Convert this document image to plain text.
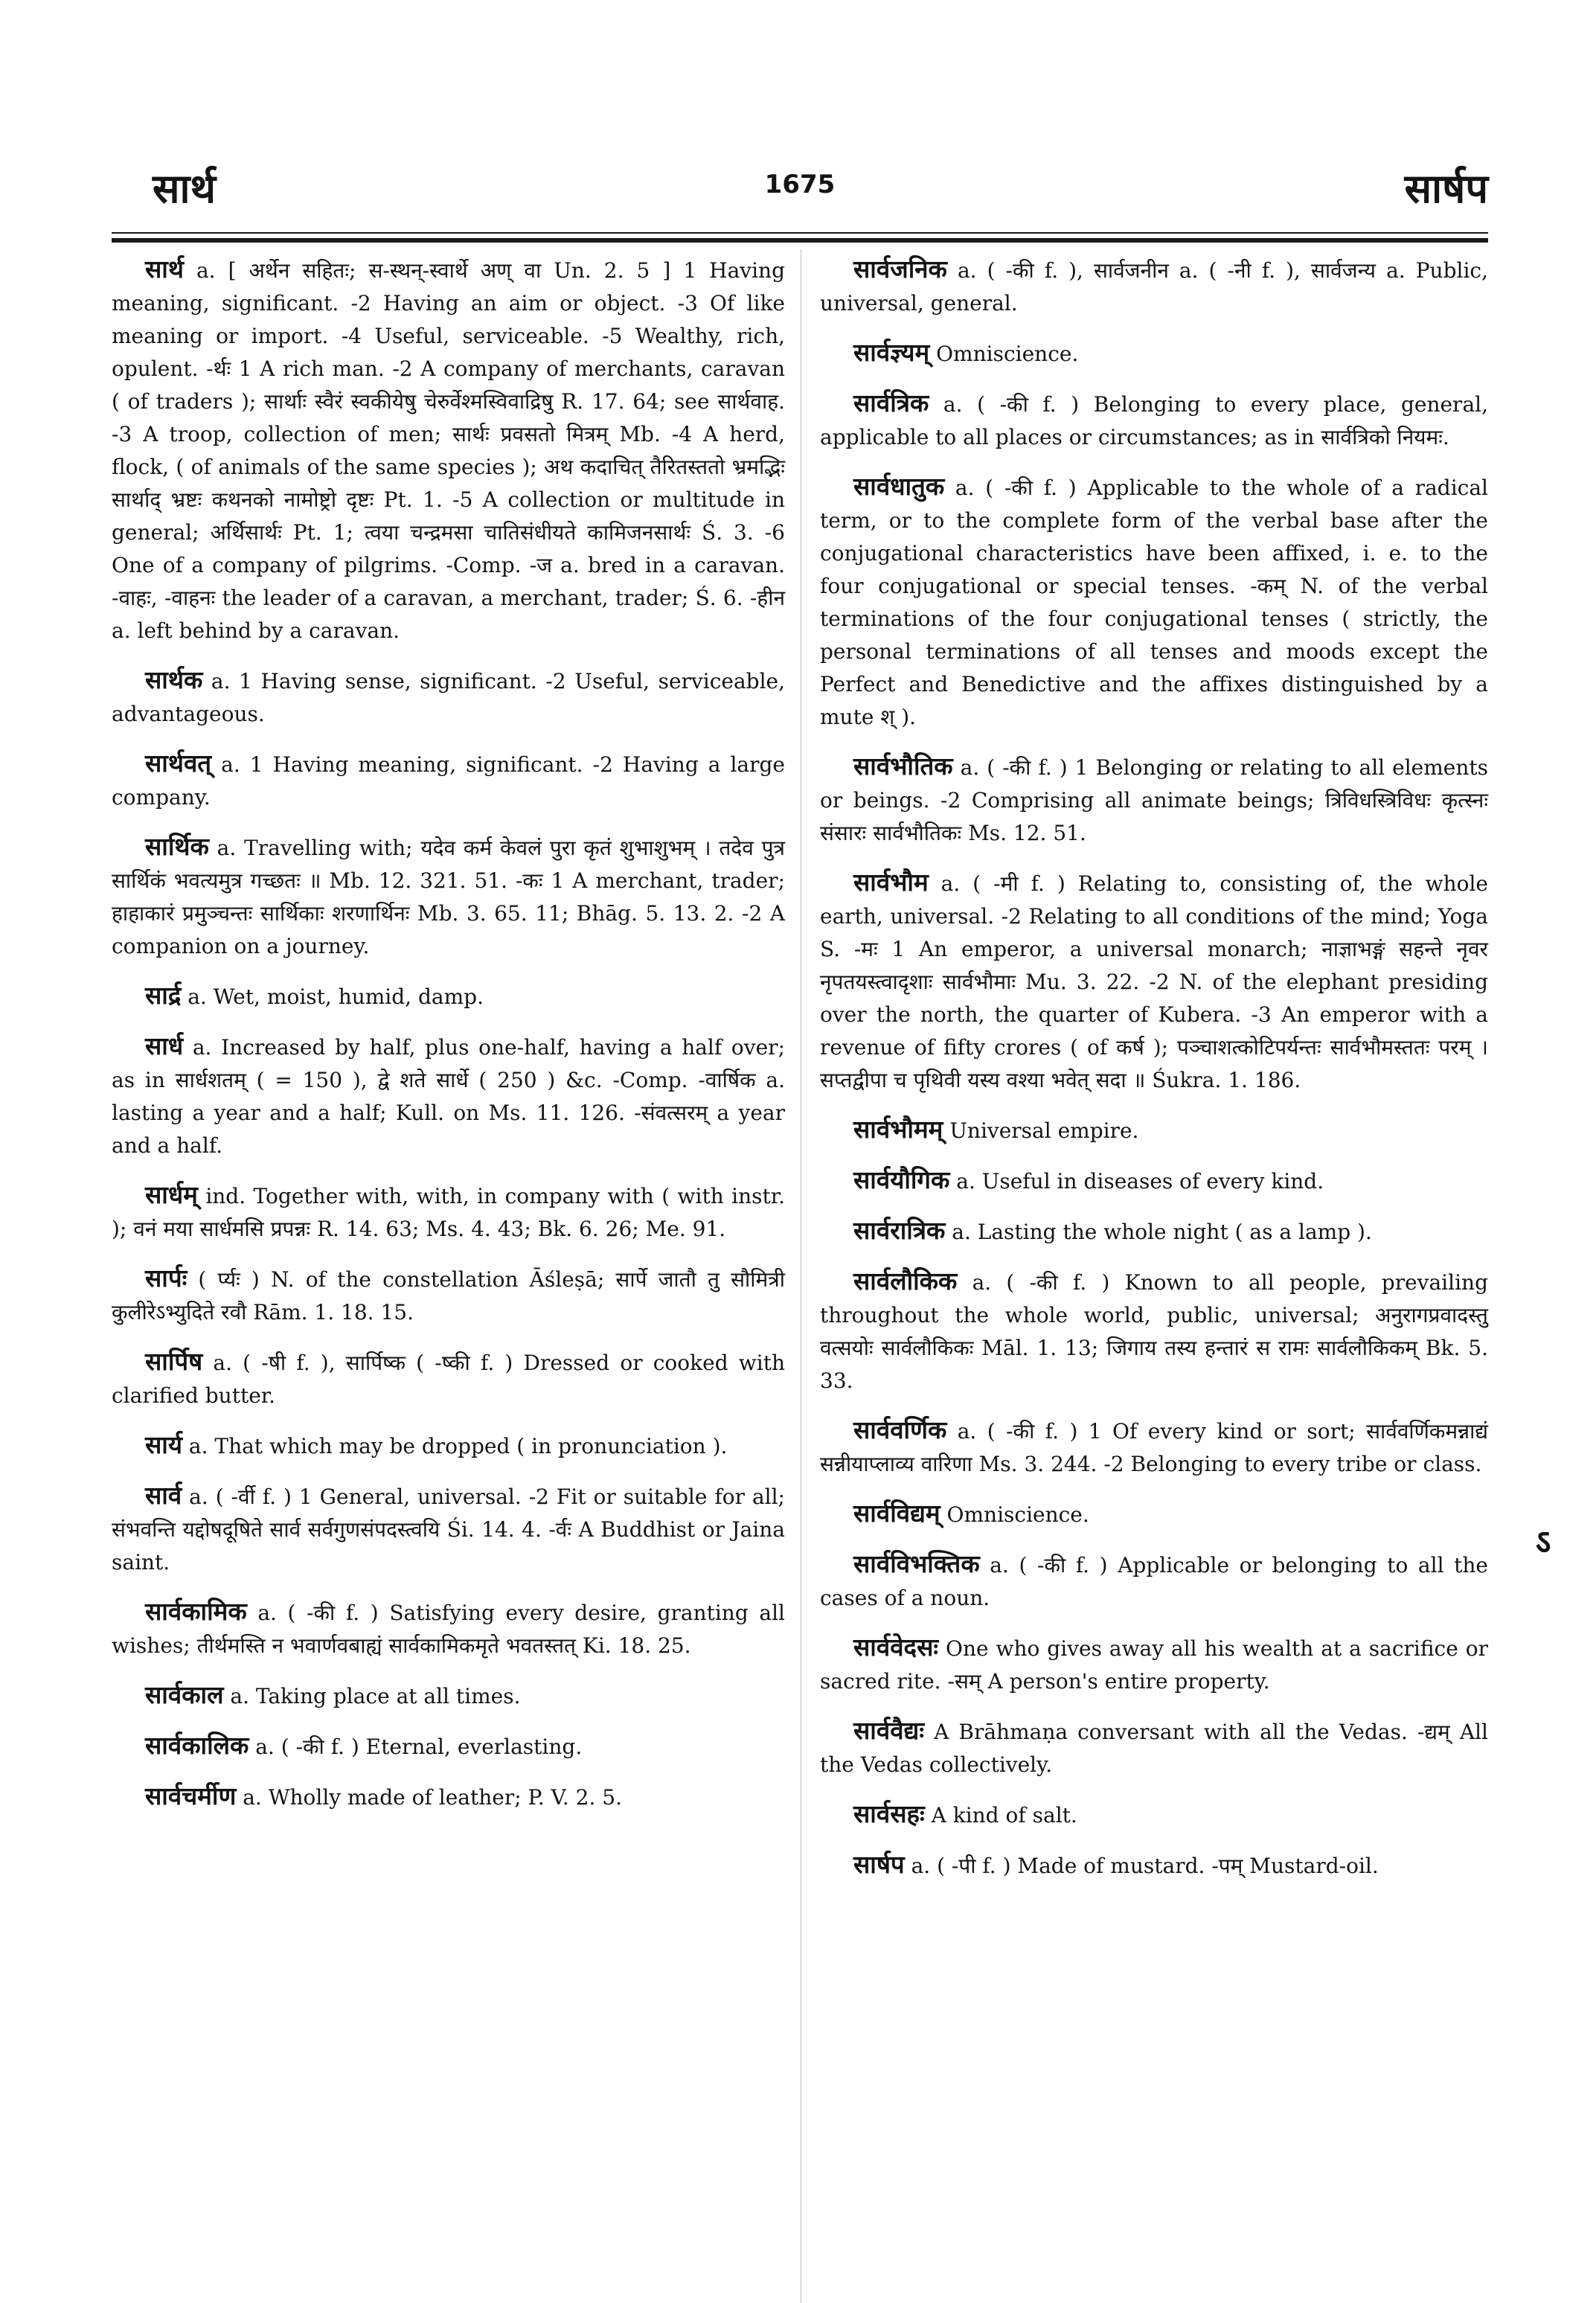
सार्थ	1675	सार्षप

सार्थ a. [ अर्थेन सहितः; स-स्थन्-स्वार्थे अण् वा Un. 2. 5 ] 1 Having meaning, significant. -2 Having an aim or object. -3 Of like meaning or import. -4 Useful, serviceable. -5 Wealthy, rich, opulent. -र्थः 1 A rich man. -2 A company of merchants, caravan ( of traders ); सार्थाः स्वैरं स्वकीयेषु चेरुर्वेश्मस्विवाद्रिषु R. 17. 64; see सार्थवाह. -3 A troop, collection of men; सार्थः प्रवसतो मित्रम् Mb. -4 A herd, flock, ( of animals of the same species ); अथ कदाचित् तैरितस्ततो भ्रमद्भिः सार्थाद् भ्रष्टः कथनको नामोष्ट्रो दृष्टः Pt. 1. -5 A collection or multitude in general; अर्थिसार्थः Pt. 1; त्वया चन्द्रमसा चातिसंधीयते कामिजनसार्थः Ś. 3. -6 One of a company of pilgrims. -Comp. -ज a. bred in a caravan. -वाहः, -वाहनः the leader of a caravan, a merchant, trader; Ś. 6. -हीन a. left behind by a caravan.

सार्थक a. 1 Having sense, significant. -2 Useful, serviceable, advantageous.

सार्थवत् a. 1 Having meaning, significant. -2 Having a large company.

सार्थिक a. Travelling with; यदेव कर्म केवलं पुरा कृतं शुभाशुभम् । तदेव पुत्र सार्थिकं भवत्यमुत्र गच्छतः ॥ Mb. 12. 321. 51. -कः 1 A merchant, trader; हाहाकारं प्रमुञ्चन्तः सार्थिकाः शरणार्थिनः Mb. 3. 65. 11; Bhāg. 5. 13. 2. -2 A companion on a journey.

सार्द्र a. Wet, moist, humid, damp.

सार्ध a. Increased by half, plus one-half, having a half over; as in सार्धशतम् ( = 150 ), द्वे शते सार्धे ( 250 ) &c. -Comp. -वार्षिक a. lasting a year and a half; Kull. on Ms. 11. 126. -संवत्सरम् a year and a half.

सार्धम् ind. Together with, with, in company with ( with instr. ); वनं मया सार्धमसि प्रपन्नः R. 14. 63; Ms. 4. 43; Bk. 6. 26; Me. 91.

सार्पः ( र्प्यः ) N. of the constellation Āśleṣā; सार्पे जातौ तु सौमित्री कुलीरेऽभ्युदिते रवौ Rām. 1. 18. 15.

सार्पिष a. ( -षी f. ), सार्पिष्क ( -ष्की f. ) Dressed or cooked with clarified butter.

सार्य a. That which may be dropped ( in pronunciation ).

सार्व a. ( -र्वी f. ) 1 General, universal. -2 Fit or suitable for all; संभवन्ति यद्दोषदूषिते सार्व सर्वगुणसंपदस्त्वयि Śi. 14. 4. -र्वः A Buddhist or Jaina saint.

सार्वकामिक a. ( -की f. ) Satisfying every desire, granting all wishes; तीर्थमस्ति न भवार्णवबाह्यं सार्वकामिकमृते भवतस्तत् Ki. 18. 25.

सार्वकाल a. Taking place at all times.

सार्वकालिक a. ( -की f. ) Eternal, everlasting.

सार्वचर्मीण a. Wholly made of leather; P. V. 2. 5.

सार्वजनिक a. ( -की f. ), सार्वजनीन a. ( -नी f. ), सार्वजन्य a. Public, universal, general.

सार्वज्ञ्यम् Omniscience.

सार्वत्रिक a. ( -की f. ) Belonging to every place, general, applicable to all places or circumstances; as in सार्वत्रिको नियमः.

सार्वधातुक a. ( -की f. ) Applicable to the whole of a radical term, or to the complete form of the verbal base after the conjugational characteristics have been affixed, i. e. to the four conjugational or special tenses. -कम् N. of the verbal terminations of the four conjugational tenses ( strictly, the personal terminations of all tenses and moods except the Perfect and Benedictive and the affixes distinguished by a mute श् ).

सार्वभौतिक a. ( -की f. ) 1 Belonging or relating to all elements or beings. -2 Comprising all animate beings; त्रिविधस्त्रिविधः कृत्स्नः संसारः सार्वभौतिकः Ms. 12. 51.

सार्वभौम a. ( -मी f. ) Relating to, consisting of, the whole earth, universal. -2 Relating to all conditions of the mind; Yoga S. -मः 1 An emperor, a universal monarch; नाज्ञाभङ्गं सहन्ते नृवर नृपतयस्त्वादृशाः सार्वभौमाः Mu. 3. 22. -2 N. of the elephant presiding over the north, the quarter of Kubera. -3 An emperor with a revenue of fifty crores ( of कर्ष ); पञ्चाशत्कोटिपर्यन्तः सार्वभौमस्ततः परम् । सप्तद्वीपा च पृथिवी यस्य वश्या भवेत् सदा ॥ Śukra. 1. 186.

सार्वभौमम् Universal empire.

सार्वयौगिक a. Useful in diseases of every kind.

सार्वरात्रिक a. Lasting the whole night ( as a lamp ).

सार्वलौकिक a. ( -की f. ) Known to all people, prevailing throughout the whole world, public, universal; अनुरागप्रवादस्तु वत्सयोः सार्वलौकिकः Māl. 1. 13; जिगाय तस्य हन्तारं स रामः सार्वलौकिकम् Bk. 5. 33.

सार्ववर्णिक a. ( -की f. ) 1 Of every kind or sort; सार्ववर्णिकमन्नाद्यं सन्नीयाप्लाव्य वारिणा Ms. 3. 244. -2 Belonging to every tribe or class.

सार्वविद्यम् Omniscience.

सार्वविभक्तिक a. ( -की f. ) Applicable or belonging to all the cases of a noun.

सार्ववेदसः One who gives away all his wealth at a sacrifice or sacred rite. -सम् A person's entire property.

सार्ववैद्यः A Brāhmaṇa conversant with all the Vedas. -द्यम् All the Vedas collectively.

सार्वसहः A kind of salt.

सार्षप a. ( -पी f. ) Made of mustard. -पम् Mustard-oil.

ऽ
